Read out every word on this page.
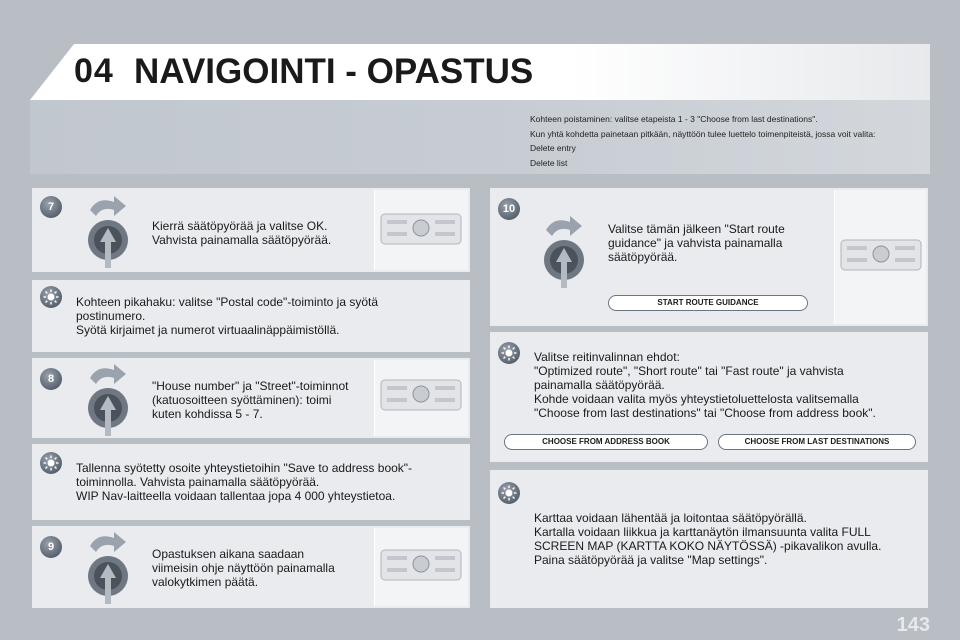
04 NAVIGOINTI - OPASTUS
Kohteen poistaminen: valitse etapeista 1 - 3 "Choose from last destinations".
Kun yhtä kohdetta painetaan pitkään, näyttöön tulee luettelo toimenpiteistä, jossa voit valita:
Delete entry
Delete list
7
Kierrä säätöpyörää ja valitse OK.
Vahvista painamalla säätöpyörää.
Kohteen pikahaku: valitse "Postal code"-toiminto ja syötä
postinumero.
Syötä kirjaimet ja numerot virtuaalinäppäimistöllä.
8	"House number" ja "Street"-toiminnot
(katuosoitteen syöttäminen): toimi
kuten kohdissa 5 - 7.
Tallenna syötetty osoite yhteystietoihin "Save to address book"-
toiminnolla. Vahvista painamalla säätöpyörää.
WIP Nav-laitteella voidaan tallentaa jopa 4 000 yhteystietoa.
9	Opastuksen aikana saadaan
viimeisin ohje näyttöön painamalla
valokytkimen päätä.
10
Valitse tämän jälkeen "Start route
guidance" ja vahvista painamalla
säätöpyörää.
START ROUTE GUIDANCE
Valitse reitinvalinnan ehdot:
"Optimized route", "Short route" tai "Fast route" ja vahvista
painamalla säätöpyörää.
Kohde voidaan valita myös yhteystietoluettelosta valitsemalla
"Choose from last destinations" tai "Choose from address book".
CHOOSE FROM ADDRESS BOOK	CHOOSE FROM LAST DESTINATIONS
Karttaa voidaan lähentää ja loitontaa säätöpyörällä.
Kartalla voidaan liikkua ja karttanäytön ilmansuunta valita FULL
SCREEN MAP (KARTTA KOKO NÄYTÖSSÄ) -pikavalikon avulla.
Paina säätöpyörää ja valitse "Map settings".
143
